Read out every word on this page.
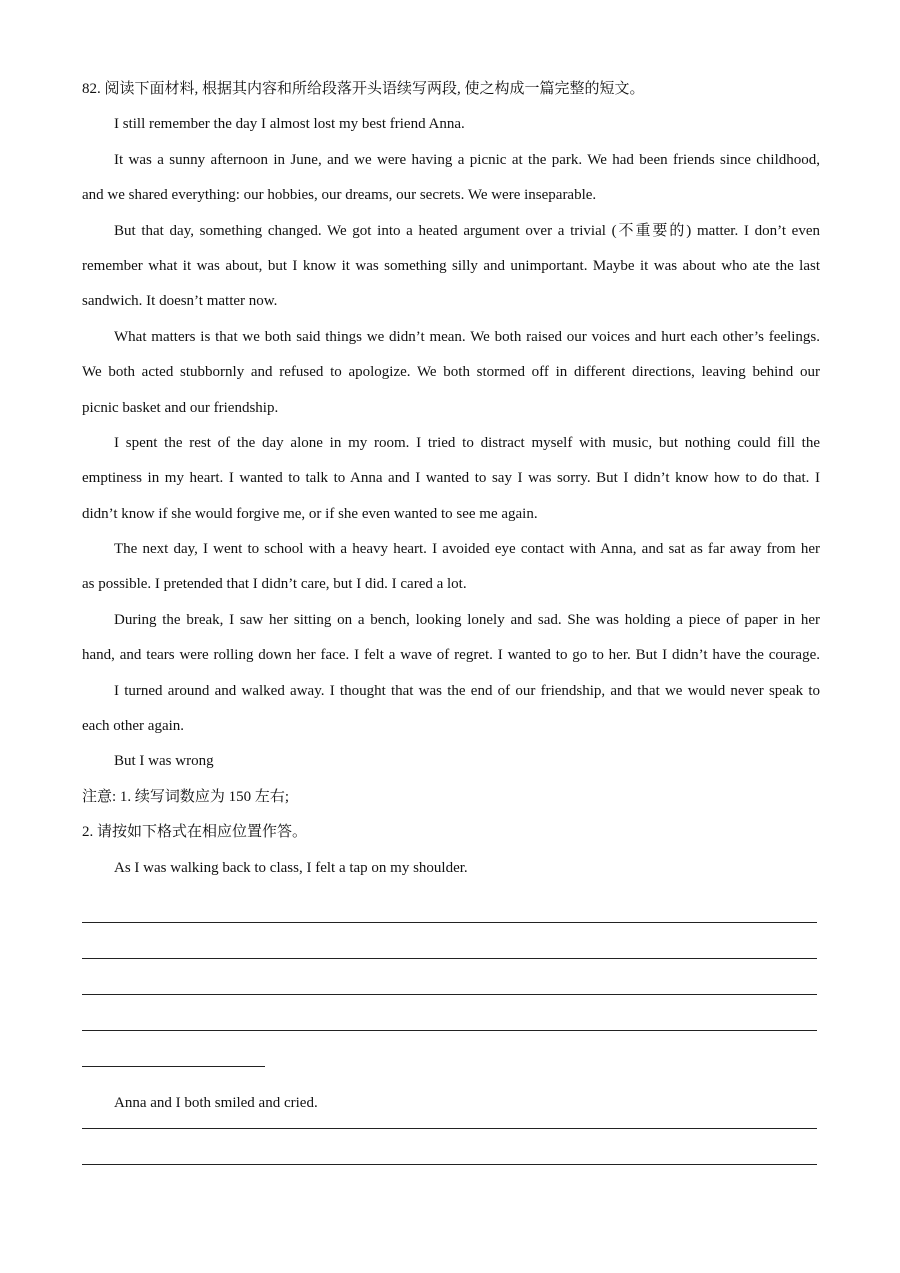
82. 阅读下面材料, 根据其内容和所给段落开头语续写两段, 使之构成一篇完整的短文。
I still remember the day I almost lost my best friend Anna.
It was a sunny afternoon in June, and we were having a picnic at the park. We had been friends since childhood,
and we shared everything: our hobbies, our dreams, our secrets. We were inseparable.
But that day, something changed. We got into a heated argument over a trivial (不重要的) matter. I don’t even
remember what it was about, but I know it was something silly and unimportant. Maybe it was about who ate the last
sandwich. It doesn’t matter now.
What matters is that we both said things we didn’t mean. We both raised our voices and hurt each other’s feelings.
We both acted stubbornly and refused to apologize. We both stormed off in different directions, leaving behind our
picnic basket and our friendship.
I spent the rest of the day alone in my room. I tried to distract myself with music, but nothing could fill the
emptiness in my heart. I wanted to talk to Anna and I wanted to say I was sorry. But I didn’t know how to do that. I
didn’t know if she would forgive me, or if she even wanted to see me again.
The next day, I went to school with a heavy heart. I avoided eye contact with Anna, and sat as far away from her
as possible. I pretended that I didn’t care, but I did. I cared a lot.
During the break, I saw her sitting on a bench, looking lonely and sad. She was holding a piece of paper in her
hand, and tears were rolling down her face. I felt a wave of regret. I wanted to go to her. But I didn’t have the courage.
I turned around and walked away. I thought that was the end of our friendship, and that we would never speak to
each other again.
But I was wrong
注意: 1. 续写词数应为 150 左右;
2. 请按如下格式在相应位置作答。
As I was walking back to class, I felt a tap on my shoulder.
Anna and I both smiled and cried.
